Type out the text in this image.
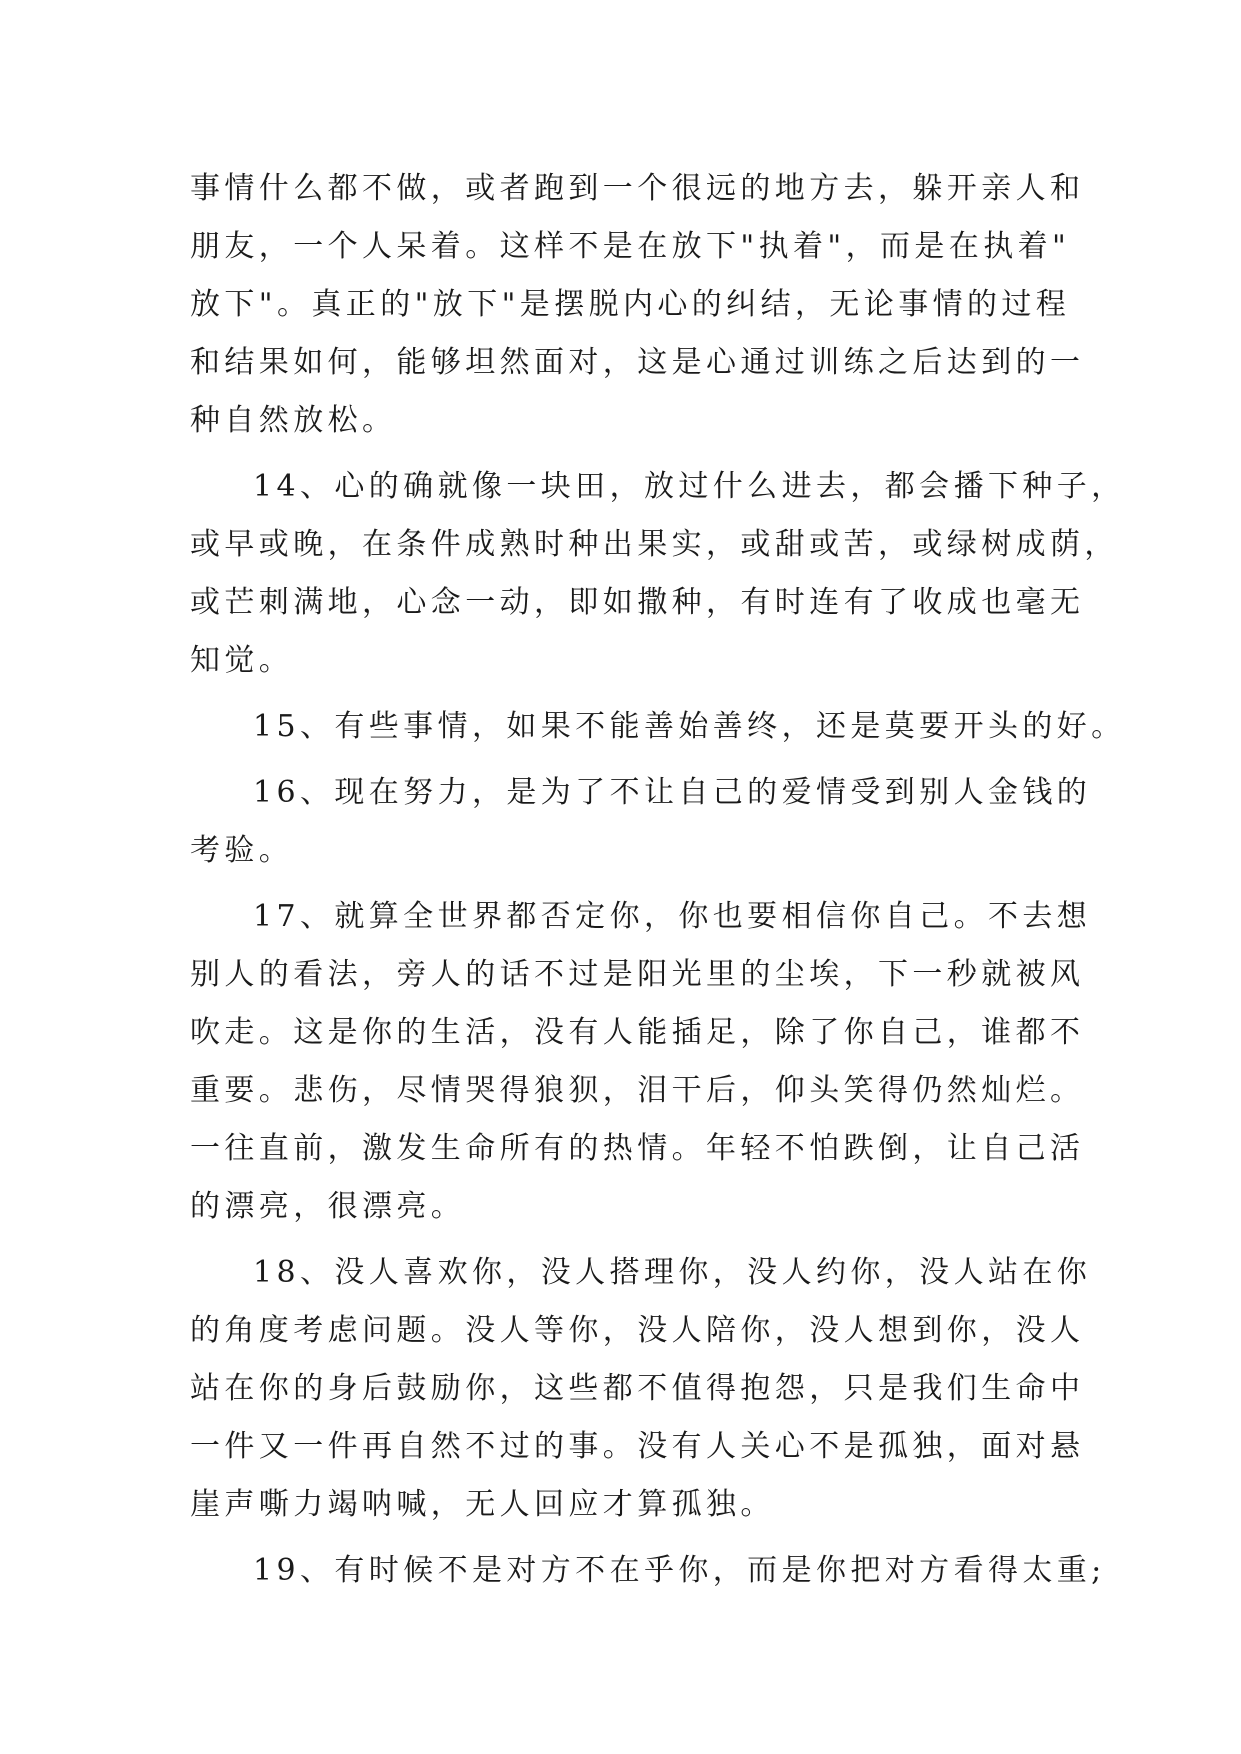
事情什么都不做，或者跑到一个很远的地方去，躲开亲人和
朋友，一个人呆着。这样不是在放下"执着"，而是在执着"
放下"。真正的"放下"是摆脱内心的纠结，无论事情的过程
和结果如何，能够坦然面对，这是心通过训练之后达到的一
种自然放松。
14、心的确就像一块田，放过什么进去，都会播下种子，
或早或晚，在条件成熟时种出果实，或甜或苦，或绿树成荫，
或芒刺满地，心念一动，即如撒种，有时连有了收成也毫无
知觉。
15、有些事情，如果不能善始善终，还是莫要开头的好。
16、现在努力，是为了不让自己的爱情受到别人金钱的
考验。
17、就算全世界都否定你，你也要相信你自己。不去想
别人的看法，旁人的话不过是阳光里的尘埃，下一秒就被风
吹走。这是你的生活，没有人能插足，除了你自己，谁都不
重要。悲伤，尽情哭得狼狈，泪干后，仰头笑得仍然灿烂。
一往直前，激发生命所有的热情。年轻不怕跌倒，让自己活
的漂亮，很漂亮。
18、没人喜欢你，没人搭理你，没人约你，没人站在你
的角度考虑问题。没人等你，没人陪你，没人想到你，没人
站在你的身后鼓励你，这些都不值得抱怨，只是我们生命中
一件又一件再自然不过的事。没有人关心不是孤独，面对悬
崖声嘶力竭呐喊，无人回应才算孤独。
19、有时候不是对方不在乎你，而是你把对方看得太重;
